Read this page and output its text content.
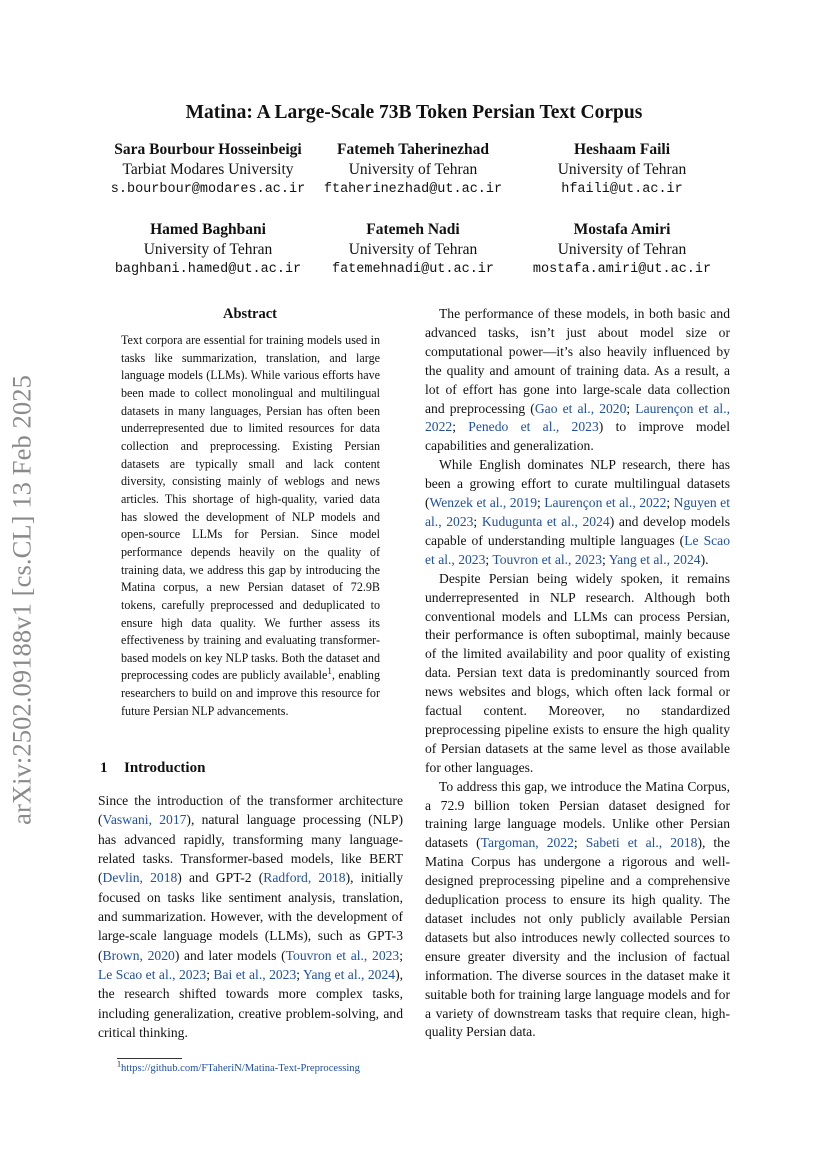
arXiv:2502.09188v1 [cs.CL] 13 Feb 2025
Matina: A Large-Scale 73B Token Persian Text Corpus
Sara Bourbour Hosseinbeigi
Tarbiat Modares University
s.bourbour@modares.ac.ir
Fatemeh Taherinezhad
University of Tehran
ftaherinezhad@ut.ac.ir
Heshaam Faili
University of Tehran
hfaili@ut.ac.ir
Hamed Baghbani
University of Tehran
baghbani.hamed@ut.ac.ir
Fatemeh Nadi
University of Tehran
fatemehnadi@ut.ac.ir
Mostafa Amiri
University of Tehran
mostafa.amiri@ut.ac.ir
Abstract

Text corpora are essential for training models used in tasks like summarization, translation, and large language models (LLMs). While various efforts have been made to collect monolingual and multilingual datasets in many languages, Persian has often been underrepresented due to limited resources for data collection and preprocessing. Existing Persian datasets are typically small and lack content diversity, consisting mainly of weblogs and news articles. This shortage of high-quality, varied data has slowed the development of NLP models and open-source LLMs for Persian. Since model performance depends heavily on the quality of training data, we address this gap by introducing the Matina corpus, a new Persian dataset of 72.9B tokens, carefully preprocessed and deduplicated to ensure high data quality. We further assess its effectiveness by training and evaluating transformer-based models on key NLP tasks. Both the dataset and preprocessing codes are publicly available$^1$, enabling researchers to build on and improve this resource for future Persian NLP advancements.

1 Introduction

Since the introduction of the transformer architecture (Vaswani, 2017), natural language processing (NLP) has advanced rapidly, transforming many language-related tasks. Transformer-based models, like BERT (Devlin, 2018) and GPT-2 (Radford, 2018), initially focused on tasks like sentiment analysis, translation, and summarization. However, with the development of large-scale language models (LLMs), such as GPT-3 (Brown, 2020) and later models (Touvron et al., 2023; Le Scao et al., 2023; Bai et al., 2023; Yang et al., 2024), the research shifted towards more complex tasks, including generalization, creative problem-solving, and critical thinking.

$^1$https://github.com/FTaheriN/Matina-Text-Preprocessing

The performance of these models, in both basic and advanced tasks, isn’t just about model size or computational power—it’s also heavily influenced by the quality and amount of training data. As a result, a lot of effort has gone into large-scale data collection and preprocessing (Gao et al., 2020; Laurençon et al., 2022; Penedo et al., 2023) to improve model capabilities and generalization.

While English dominates NLP research, there has been a growing effort to curate multilingual datasets (Wenzek et al., 2019; Laurençon et al., 2022; Nguyen et al., 2023; Kudugunta et al., 2024) and develop models capable of understanding multiple languages (Le Scao et al., 2023; Touvron et al., 2023; Yang et al., 2024).

Despite Persian being widely spoken, it remains underrepresented in NLP research. Although both conventional models and LLMs can process Persian, their performance is often suboptimal, mainly because of the limited availability and poor quality of existing data. Persian text data is predominantly sourced from news websites and blogs, which often lack formal or factual content. Moreover, no standardized preprocessing pipeline exists to ensure the high quality of Persian datasets at the same level as those available for other languages.

To address this gap, we introduce the Matina Corpus, a 72.9 billion token Persian dataset designed for training large language models. Unlike other Persian datasets (Targoman, 2022; Sabeti et al., 2018), the Matina Corpus has undergone a rigorous and well-designed preprocessing pipeline and a comprehensive deduplication process to ensure its high quality. The dataset includes not only publicly available Persian datasets but also introduces newly collected sources to ensure greater diversity and the inclusion of factual information. The diverse sources in the dataset make it suitable both for training large language models and for a variety of downstream tasks that require clean, high-quality Persian data.
